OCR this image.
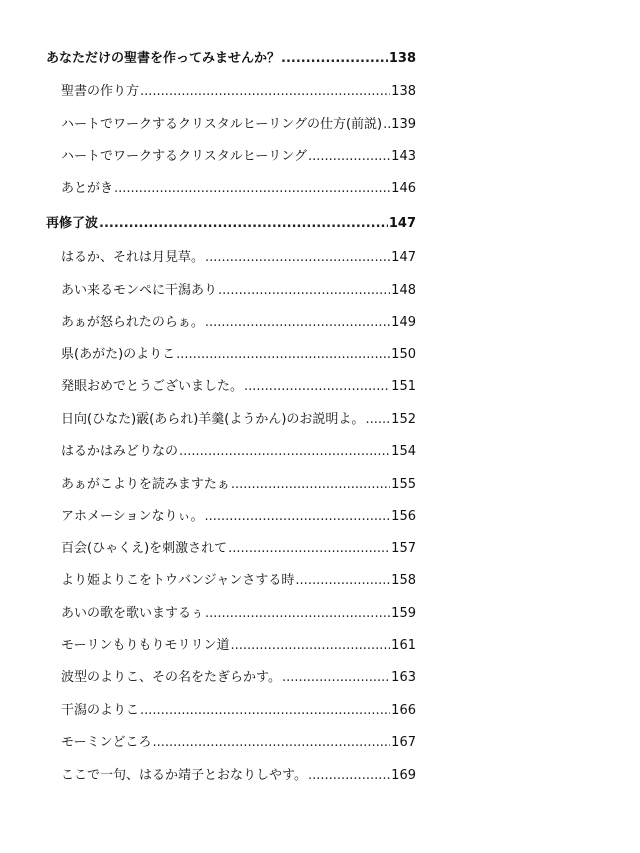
あなただけの聖書を作ってみませんか？ .....	138
聖書の作り方 .....	138
ハートでワークするクリスタルヒーリングの仕方(前説) ..... 139
ハートでワークするクリスタルヒーリング .....	143
あとがき .....	146
再修了波 .....	147
はるか、それは月見草。 .....	147
あい来るモンペに干潟あり .....	148
あぁが怒られたのらぁ。 .....	149
県(あがた)のよりこ .....	150
発眼おめでとうございました。 .....	151
日向(ひなた)霰(あられ)羊羹(ようかん)のお説明よ。 ..... 152
はるかはみどりなの .....	154
あぁがこよりを読みますたぁ .....	155
アホメーションなりぃ。 .....	156
百会(ひゃくえ)を刺激されて .....	157
より姫よりこをトウバンジャンさする時 .....	158
あいの歌を歌いまするぅ .....	159
モーリンもりもりモリリン道 .....	161
波型のよりこ、その名をたぎらかす。 .....	163
干潟のよりこ .....	166
モーミンどころ .....	167
ここで一句、はるか靖子とおなりしやす。 .....	169
